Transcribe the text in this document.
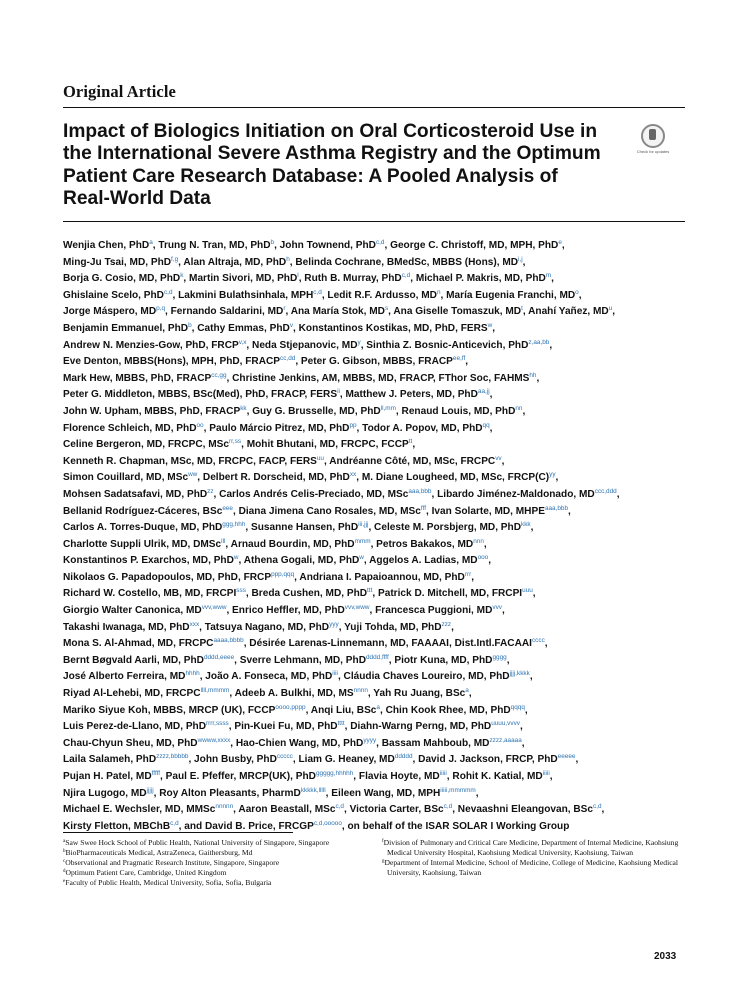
Original Article
Impact of Biologics Initiation on Oral Corticosteroid Use in the International Severe Asthma Registry and the Optimum Patient Care Research Database: A Pooled Analysis of Real-World Data
Check for updates
Wenjia Chen, PhD$^a$, Trung N. Tran, MD, PhD$^b$, John Townend, PhD$^{c,d}$, George C. Christoff, MD, MPH, PhD$^e$,
Ming-Ju Tsai, MD, PhD$^{f,g}$, Alan Altraja, MD, PhD$^h$, Belinda Cochrane, BMedSc, MBBS (Hons), MD$^{i,j}$,
Borja G. Cosio, MD, PhD$^k$, Martin Sivori, MD, PhD$^l$, Ruth B. Murray, PhD$^{c,d}$, Michael P. Makris, MD, PhD$^m$,
Ghislaine Scelo, PhD$^{c,d}$, Lakmini Bulathsinhala, MPH$^{c,d}$, Ledit R.F. Ardusso, $MD^n$, María Eugenia Franchi, $MD^o$,
Jorge Máspero, MD$^{p,q}$, Fernando Saldarini, $MD^r$, Ana María Stok, $MD^s$, Ana Giselle Tomaszuk, $MD^t$, Anahí Yañez, $MD^u$,
Benjamin Emmanuel, PhD$^b$, Cathy Emmas, PhD$^v$, Konstantinos Kostikas, MD, PhD, FERS$^w$,
Andrew N. Menzies-Gow, PhD, FRCP$^{v,x}$, Neda Stjepanovic, $MD^y$, Sinthia Z. Bosnic-Anticevich, PhD$^{z,aa,bb}$,
Eve Denton, MBBS(Hons), MPH, PhD, $FRACP^{cc,dd}$, Peter G. Gibson, MBBS, $FRACP^{ee,ff}$,
Mark Hew, MBBS, PhD, $FRACP^{cc,gg}$, Christine Jenkins, AM, MBBS, MD, FRACP, FThor Soc, $FAHMS^{hh}$,
Peter G. Middleton, MBBS, BSc(Med), PhD, FRACP, FERS$^{ii}$, Matthew J. Peters, MD, PhD$^{aa,jj}$,
John W. Upham, MBBS, PhD, $FRACP^{kk}$, Guy G. Brusselle, MD, PhD$^{ll,mm}$, Renaud Louis, MD, PhD$^{nn}$,
Florence Schleich, MD, PhD$^{oo}$, Paulo Márcio Pitrez, MD, PhD$^{pp}$, Todor A. Popov, MD, PhD$^{qq}$,
Celine Bergeron, MD, FRCPC, MSc$^{rr,ss}$, Mohit Bhutani, MD, FRCPC, $FCCP^{tt}$,
Kenneth R. Chapman, MSc, MD, FRCPC, FACP, $FERS^{uu}$, Andréanne Côté, MD, MSc, FRCPC$^{vv}$,
Simon Couillard, MD, MSc$^{ww}$, Delbert R. Dorscheid, MD, PhD$^{xx}$, M. Diane Lougheed, MD, MSc, $FRCP(C)^{yy}$,
Mohsen Sadatsafavi, MD, PhD$^{zz}$, Carlos Andrés Celis-Preciado, MD, MSc$^{aaa,bbb}$, Libardo Jiménez-Maldonado, $MD^{ccc,ddd}$,
Bellanid Rodríguez-Cáceres, BSc$^{eee}$, Diana Jimena Cano Rosales, MD, MSc$^{fff}$, Ivan Solarte, MD, $MHPE^{aaa,bbb}$,
Carlos A. Torres-Duque, MD, PhD$^{ggg,hhh}$, Susanne Hansen, PhD$^{iii,jjj}$, Celeste M. Porsbjerg, MD, PhD$^{kkk}$,
Charlotte Suppli Ulrik, MD, DMSc$^{lll}$, Arnaud Bourdin, MD, PhD$^{mmm}$, Petros Bakakos, $MD^{nnn}$,
Konstantinos P. Exarchos, MD, PhD$^w$, Athena Gogali, MD, PhD$^w$, Aggelos A. Ladias, $MD^{ooo}$,
Nikolaos G. Papadopoulos, MD, PhD, $FRCP^{ppp,qqq}$, Andriana I. Papaioannou, MD, PhD$^{rrr}$,
Richard W. Costello, MB, MD, $FRCPI^{sss}$, Breda Cushen, MD, PhD$^{ttt}$, Patrick D. Mitchell, MD, $FRCPI^{uuu}$,
Giorgio Walter Canonica, $MD^{vvv,www}$, Enrico Heffler, MD, PhD$^{vvv,www}$, Francesca Puggioni, MD$^{vvv}$,
Takashi Iwanaga, MD, PhD$^{xxx}$, Tatsuya Nagano, MD, PhD$^{yyy}$, Yuji Tohda, MD, PhD$^{zzz}$,
Mona S. Al-Ahmad, MD, $FRCPC^{aaaa,bbbb}$, Désirée Larenas-Linnemann, MD, FAAAAI, $Dist.Intl.FACAAI^{cccc}$,
Bernt Bøgvald Aarli, MD, PhD$^{dddd,eeee}$, Sverre Lehmann, MD, PhD$^{dddd,ffff}$, Piotr Kuna, MD, PhD$^{gggg}$,
José Alberto Ferreira, $MD^{hhhh}$, João A. Fonseca, MD, PhD$^{iiii}$, Cláudia Chaves Loureiro, MD, PhD$^{jjjj,kkkk}$,
Riyad Al-Lehebi, MD, $FRCPC^{llll,mmmm}$, Adeeb A. Bulkhi, MD, $MS^{nnnn}$, Yah Ru Juang, BSc$^a$,
Mariko Siyue Koh, MBBS, MRCP (UK), $FCCP^{oooo,pppp}$, Anqi Liu, BSc$^a$, Chin Kook Rhee, MD, PhD$^{qqqq}$,
Luis Perez-de-Llano, MD, PhD$^{rrrr,ssss}$, Pin-Kuei Fu, MD, PhD$^{tttt}$, Diahn-Warng Perng, MD, PhD$^{uuuu,vvvv}$,
Chau-Chyun Sheu, MD, PhD$^{wwww,xxxx}$, Hao-Chien Wang, MD, PhD$^{yyyy}$, Bassam Mahboub, $MD^{zzzz,aaaaa}$,
Laila Salameh, PhD$^{zzzz,bbbbb}$, John Busby, PhD$^{ccccc}$, Liam G. Heaney, $MD^{ddddd}$, David J. Jackson, FRCP, PhD$^{eeeee}$,
Pujan H. Patel, $MD^{fffff}$, Paul E. Pfeffer, MRCP(UK), PhD$^{ggggg,hhhhh}$, Flavia Hoyte, $MD^{iiiii}$, Rohit K. Katial, $MD^{iiiii}$,
Njira Lugogo, $MD^{jjjjj}$, Roy Alton Pleasants, PharmD$^{kkkkk,lllll}$, Eileen Wang, MD, $MPH^{iiiii,mmmmm}$,
Michael E. Wechsler, MD, MMSc$^{nnnnn}$, Aaron Beastall, MSc$^{c,d}$, Victoria Carter, BSc$^{c,d}$, Nevaashni Eleangovan, BSc$^{c,d}$,
Kirsty Fletton, MBChB$^{c,d}$, and David B. Price, $FRCGP^{c,d,ooooo}$, on behalf of the ISAR SOLAR I Working Group

$^a$Saw Swee Hock School of Public Health, National University of Singapore, Singapore

$^b$BioPharmaceuticals Medical, AstraZeneca, Gaithersburg, Md

$^c$Observational and Pragmatic Research Institute, Singapore, Singapore

$^d$Optimum Patient Care, Cambridge, United Kingdom

$^e$Faculty of Public Health, Medical University, Sofia, Sofia, Bulgaria

$^f$Division of Pulmonary and Critical Care Medicine, Department of Internal Medicine, Kaohsiung Medical University Hospital, Kaohsiung Medical University, Kaohsiung, Taiwan

$^g$Department of Internal Medicine, School of Medicine, College of Medicine, Kaohsiung Medical University, Kaohsiung, Taiwan

2033
